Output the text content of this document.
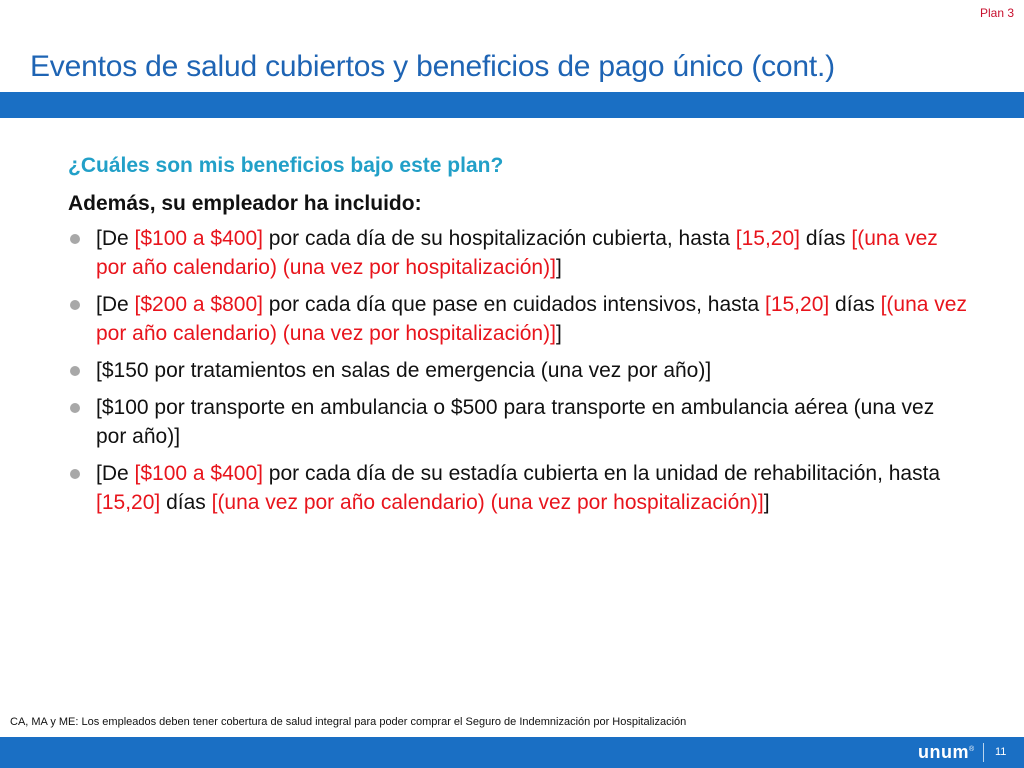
Plan 3
Eventos de salud cubiertos y beneficios de pago único (cont.)
¿Cuáles son mis beneficios bajo este plan?
Además, su empleador ha incluido:
[De [$100 a $400] por cada día de su hospitalización cubierta, hasta [15,20] días [(una vez por año calendario) (una vez por hospitalización)]]
[De [$200 a $800] por cada día que pase en cuidados intensivos, hasta [15,20] días [(una vez por año calendario) (una vez por hospitalización)]]
[$150 por tratamientos en salas de emergencia (una vez por año)]
[$100 por transporte en ambulancia o $500 para transporte en ambulancia aérea (una vez por año)]
[De [$100 a $400] por cada día de su estadía cubierta en la unidad de rehabilitación, hasta [15,20] días [(una vez por año calendario) (una vez por hospitalización)]]
CA, MA y ME: Los empleados deben tener cobertura de salud integral para poder comprar el Seguro de Indemnización por Hospitalización
unum® 11
